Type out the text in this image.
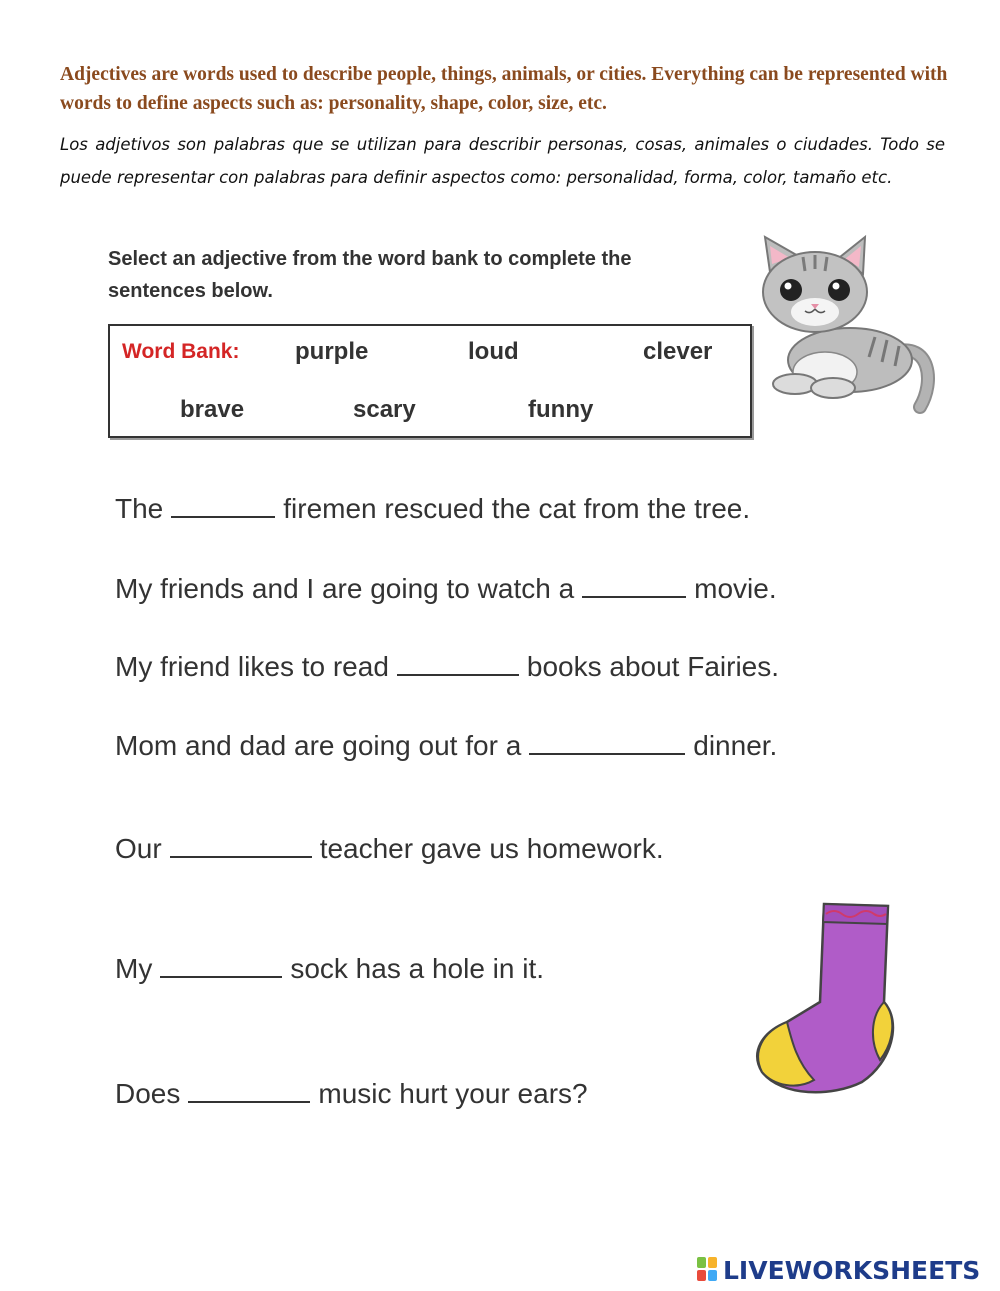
Adjectives are words used to describe people, things, animals, or cities. Everything can be represented with words to define aspects such as: personality, shape, color, size, etc.
Los adjetivos son palabras que se utilizan para describir personas, cosas, animales o ciudades. Todo se puede representar con palabras para definir aspectos como: personalidad, forma, color, tamaño etc.
Select an adjective from the word bank to complete the sentences below.
Word Bank: purple	loud	clever
brave	scary	funny
The	firemen rescued the cat from the tree.
My friends and I are going to watch a	movie.
My friend likes to read	books about Fairies.
Mom and dad are going out for a	dinner.
Our	teacher gave us homework.
My	sock has a hole in it.
Does	music hurt your ears?
LIVEWORKSHEETS
